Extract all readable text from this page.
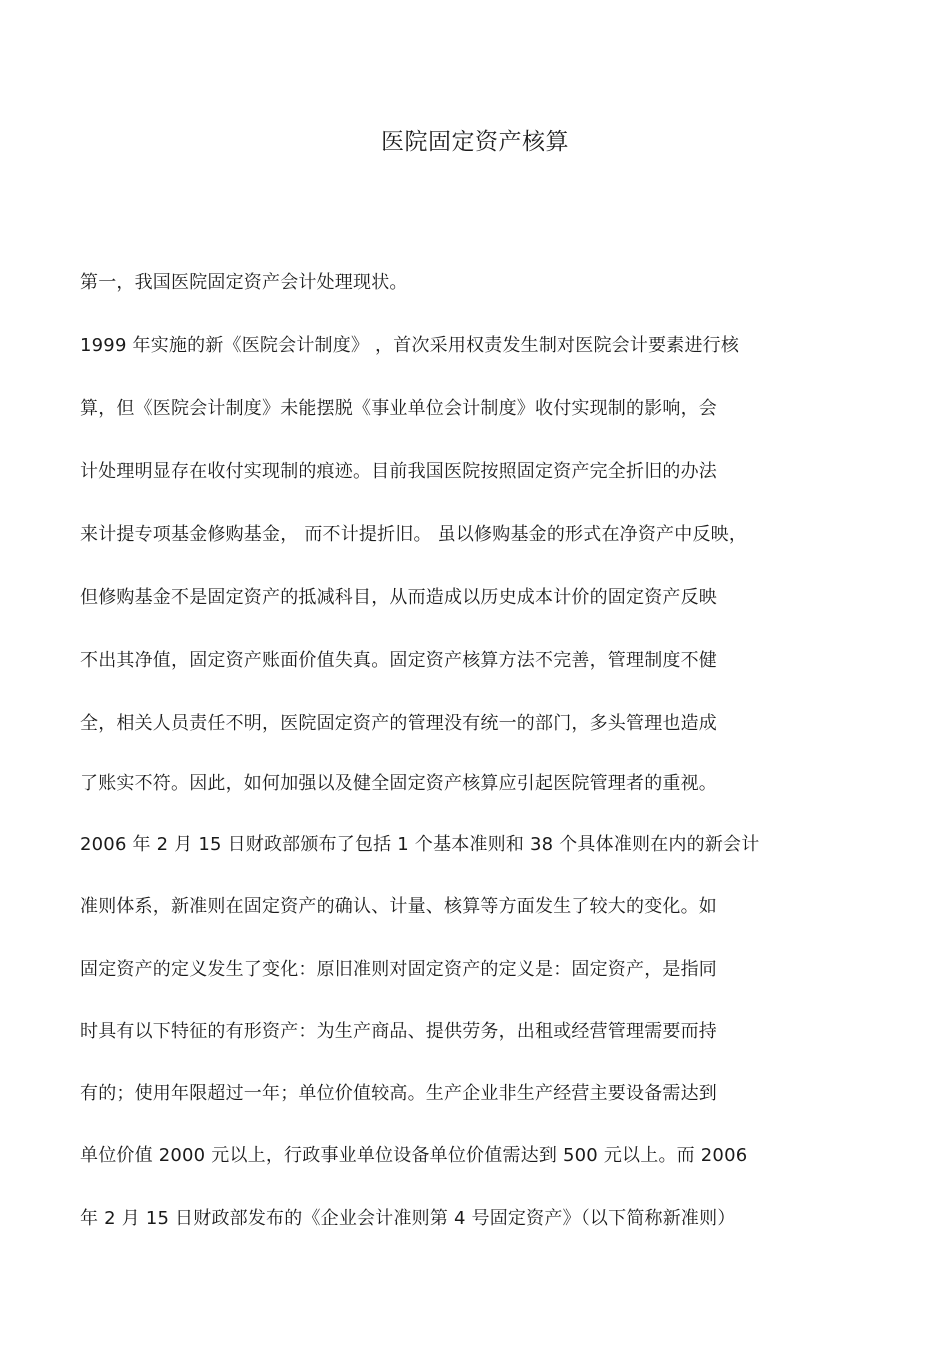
医院固定资产核算
第一，我国医院固定资产会计处理现状。
1999 年实施的新《医院会计制度》 ，首次采用权责发生制对医院会计要素进行核
算，但《医院会计制度》未能摆脱《事业单位会计制度》收付实现制的影响，会
计处理明显存在收付实现制的痕迹。目前我国医院按照固定资产完全折旧的办法
来计提专项基金修购基金， 而不计提折旧。 虽以修购基金的形式在净资产中反映，
但修购基金不是固定资产的抵减科目，从而造成以历史成本计价的固定资产反映
不出其净值，固定资产账面价值失真。固定资产核算方法不完善，管理制度不健
全，相关人员责任不明，医院固定资产的管理没有统一的部门，多头管理也造成
了账实不符。因此，如何加强以及健全固定资产核算应引起医院管理者的重视。
2006 年 2 月 15 日财政部颁布了包括 1 个基本准则和 38 个具体准则在内的新会计
准则体系，新准则在固定资产的确认、计量、核算等方面发生了较大的变化。如
固定资产的定义发生了变化：原旧准则对固定资产的定义是：固定资产，是指同
时具有以下特征的有形资产：为生产商品、提供劳务，出租或经营管理需要而持
有的；使用年限超过一年；单位价值较高。生产企业非生产经营主要设备需达到
单位价值 2000 元以上，行政事业单位设备单位价值需达到 500 元以上。而 2006
年 2 月 15 日财政部发布的《企业会计准则第 4 号固定资产》（以下简称新准则）
